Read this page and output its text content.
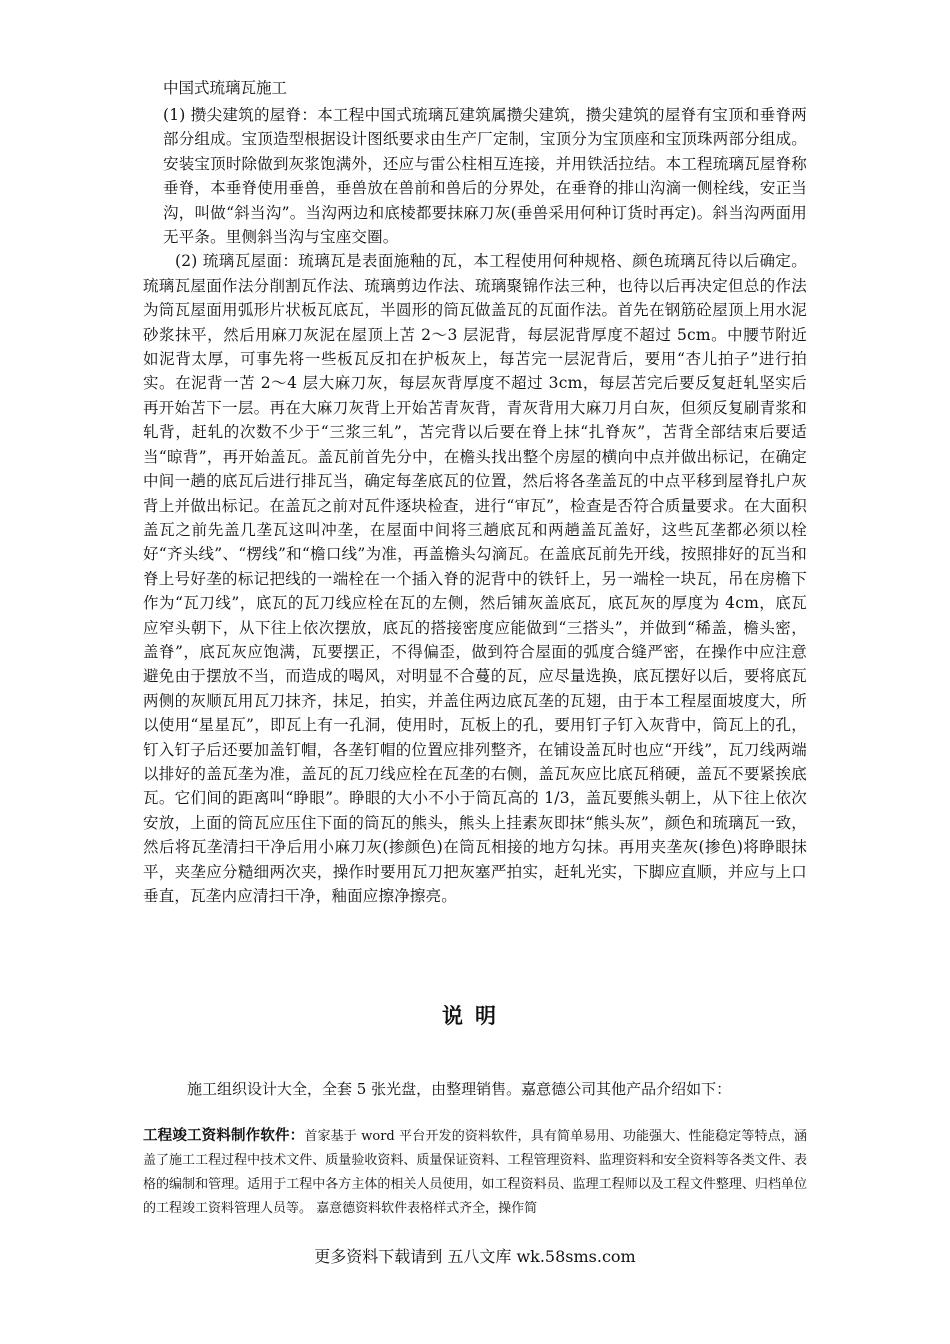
中国式琉璃瓦施工

(1) 攒尖建筑的屋脊：本工程中国式琉璃瓦建筑属攒尖建筑，攒尖建筑的屋脊有宝顶和垂脊两部分组成。宝顶造型根据设计图纸要求由生产厂定制，宝顶分为宝顶座和宝顶珠两部分组成。安装宝顶时除做到灰浆饱满外，还应与雷公柱相互连接，并用铁活拉结。本工程琉璃瓦屋脊称垂脊，本垂脊使用垂兽，垂兽放在兽前和兽后的分界处，在垂脊的排山沟滴一侧栓线，安正当沟，叫做“斜当沟”。当沟两边和底棱都要抹麻刀灰(垂兽采用何种订货时再定)。斜当沟两面用无平条。里侧斜当沟与宝座交圈。

(2) 琉璃瓦屋面：琉璃瓦是表面施釉的瓦，本工程使用何种规格、颜色琉璃瓦待以后确定。琉璃瓦屋面作法分削割瓦作法、琉璃剪边作法、琉璃聚锦作法三种，也待以后再决定但总的作法为筒瓦屋面用弧形片状板瓦底瓦，半圆形的筒瓦做盖瓦的瓦面作法。首先在钢筋砼屋顶上用水泥砂浆抹平，然后用麻刀灰泥在屋顶上苫 2～3 层泥背，每层泥背厚度不超过 5cm。中腰节附近如泥背太厚，可事先将一些板瓦反扣在护板灰上，每苫完一层泥背后，要用“杏儿拍子”进行拍实。在泥背一苫 2～4 层大麻刀灰，每层灰背厚度不超过 3cm，每层苫完后要反复赶轧坚实后再开始苫下一层。再在大麻刀灰背上开始苫青灰背，青灰背用大麻刀月白灰，但须反复刷青浆和轧背，赶轧的次数不少于“三浆三轧”，苫完背以后要在脊上抹“扎脊灰”，苫背全部结束后要适当“晾背”，再开始盖瓦。盖瓦前首先分中，在檐头找出整个房屋的横向中点并做出标记，在确定中间一趟的底瓦后进行排瓦当，确定每垄底瓦的位置，然后将各垄盖瓦的中点平移到屋脊扎户灰背上并做出标记。在盖瓦之前对瓦件逐块检查，进行“审瓦”，检查是否符合质量要求。在大面积盖瓦之前先盖几垄瓦这叫冲垄，在屋面中间将三趟底瓦和两趟盖瓦盖好，这些瓦垄都必须以栓好“齐头线”、“楞线”和“檐口线”为准，再盖檐头勾滴瓦。在盖底瓦前先开线，按照排好的瓦当和脊上号好垄的标记把线的一端栓在一个插入脊的泥背中的铁钎上，另一端栓一块瓦，吊在房檐下作为“瓦刀线”，底瓦的瓦刀线应栓在瓦的左侧，然后铺灰盖底瓦，底瓦灰的厚度为 4cm，底瓦应窄头朝下，从下往上依次摆放，底瓦的搭接密度应能做到“三搭头”，并做到“稀盖，檐头密，盖脊”，底瓦灰应饱满，瓦要摆正，不得偏歪，做到符合屋面的弧度合缝严密，在操作中应注意避免由于摆放不当，而造成的喝风，对明显不合蔓的瓦，应尽量选换，底瓦摆好以后，要将底瓦两侧的灰顺瓦用瓦刀抹齐，抹足，拍实，并盖住两边底瓦垄的瓦翅，由于本工程屋面坡度大，所以使用“星星瓦”，即瓦上有一孔洞，使用时，瓦板上的孔，要用钉子钉入灰背中，筒瓦上的孔，钉入钉子后还要加盖钉帽，各垄钉帽的位置应排列整齐，在铺设盖瓦时也应“开线”，瓦刀线两端以排好的盖瓦垄为准，盖瓦的瓦刀线应栓在瓦垄的右侧，盖瓦灰应比底瓦稍硬，盖瓦不要紧挨底瓦。它们间的距离叫“睁眼”。睁眼的大小不小于筒瓦高的 1/3，盖瓦要熊头朝上，从下往上依次安放，上面的筒瓦应压住下面的筒瓦的熊头，熊头上挂素灰即抹“熊头灰”，颜色和琉璃瓦一致，然后将瓦垄清扫干净后用小麻刀灰(掺颜色)在筒瓦相接的地方勾抹。再用夹垄灰(掺色)将睁眼抹平，夹垄应分糙细两次夹，操作时要用瓦刀把灰塞严拍实，赶轧光实，下脚应直顺，并应与上口垂直，瓦垄内应清扫干净，釉面应擦净擦亮。

说明
施工组织设计大全，全套 5 张光盘，由整理销售。嘉意德公司其他产品介绍如下：
工程竣工资料制作软件：首家基于 word 平台开发的资料软件，具有简单易用、功能强大、性能稳定等特点，涵盖了施工工程过程中技术文件、质量验收资料、质量保证资料、工程管理资料、监理资料和安全资料等各类文件、表格的编制和管理。适用于工程中各方主体的相关人员使用，如工程资料员、监理工程师以及工程文件整理、归档单位的工程竣工资料管理人员等。 嘉意德资料软件表格样式齐全，操作简
更多资料下载请到 五八文库 wk.58sms.com
